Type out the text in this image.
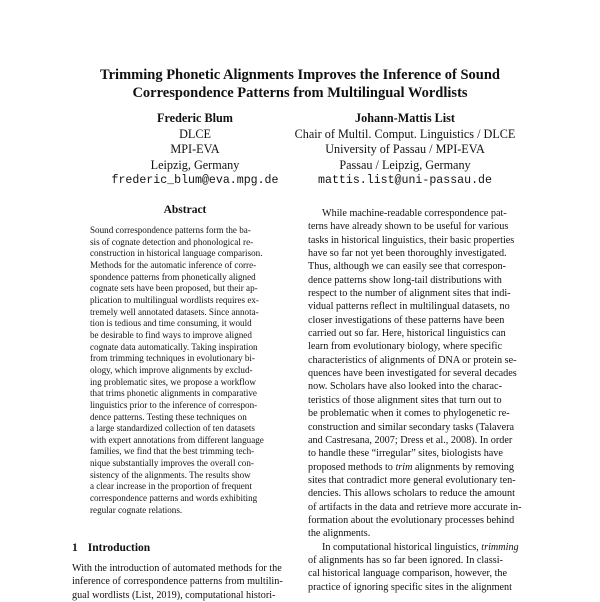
Trimming Phonetic Alignments Improves the Inference of Sound
Correspondence Patterns from Multilingual Wordlists
Frederic Blum
DLCE
MPI-EVA
Leipzig, Germany
frederic_blum@eva.mpg.de
Johann-Mattis List
Chair of Multil. Comput. Linguistics / DLCE
University of Passau / MPI-EVA
Passau / Leipzig, Germany
mattis.list@uni-passau.de
Abstract
Sound correspondence patterns form the ba-
sis of cognate detection and phonological re-
construction in historical language comparison.
Methods for the automatic inference of corre-
spondence patterns from phonetically aligned
cognate sets have been proposed, but their ap-
plication to multilingual wordlists requires ex-
tremely well annotated datasets. Since annota-
tion is tedious and time consuming, it would
be desirable to find ways to improve aligned
cognate data automatically. Taking inspiration
from trimming techniques in evolutionary bi-
ology, which improve alignments by exclud-
ing problematic sites, we propose a workflow
that trims phonetic alignments in comparative
linguistics prior to the inference of correspon-
dence patterns. Testing these techniques on
a large standardized collection of ten datasets
with expert annotations from different language
families, we find that the best trimming tech-
nique substantially improves the overall con-
sistency of the alignments. The results show
a clear increase in the proportion of frequent
correspondence patterns and words exhibiting
regular cognate relations.
1 Introduction
With the introduction of automated methods for the
inference of correspondence patterns from multilin-
gual wordlists (List, 2019), computational histori-
While machine-readable correspondence pat-
terns have already shown to be useful for various
tasks in historical linguistics, their basic properties
have so far not yet been thoroughly investigated.
Thus, although we can easily see that correspon-
dence patterns show long-tail distributions with
respect to the number of alignment sites that indi-
vidual patterns reflect in multilingual datasets, no
closer investigations of these patterns have been
carried out so far. Here, historical linguistics can
learn from evolutionary biology, where specific
characteristics of alignments of DNA or protein se-
quences have been investigated for several decades
now. Scholars have also looked into the charac-
teristics of those alignment sites that turn out to
be problematic when it comes to phylogenetic re-
construction and similar secondary tasks (Talavera
and Castresana, 2007; Dress et al., 2008). In order
to handle these “irregular” sites, biologists have
proposed methods to trim alignments by removing
sites that contradict more general evolutionary ten-
dencies. This allows scholars to reduce the amount
of artifacts in the data and retrieve more accurate in-
formation about the evolutionary processes behind
the alignments.
In computational historical linguistics, trimming
of alignments has so far been ignored. In classi-
cal historical language comparison, however, the
practice of ignoring specific sites in the alignment
